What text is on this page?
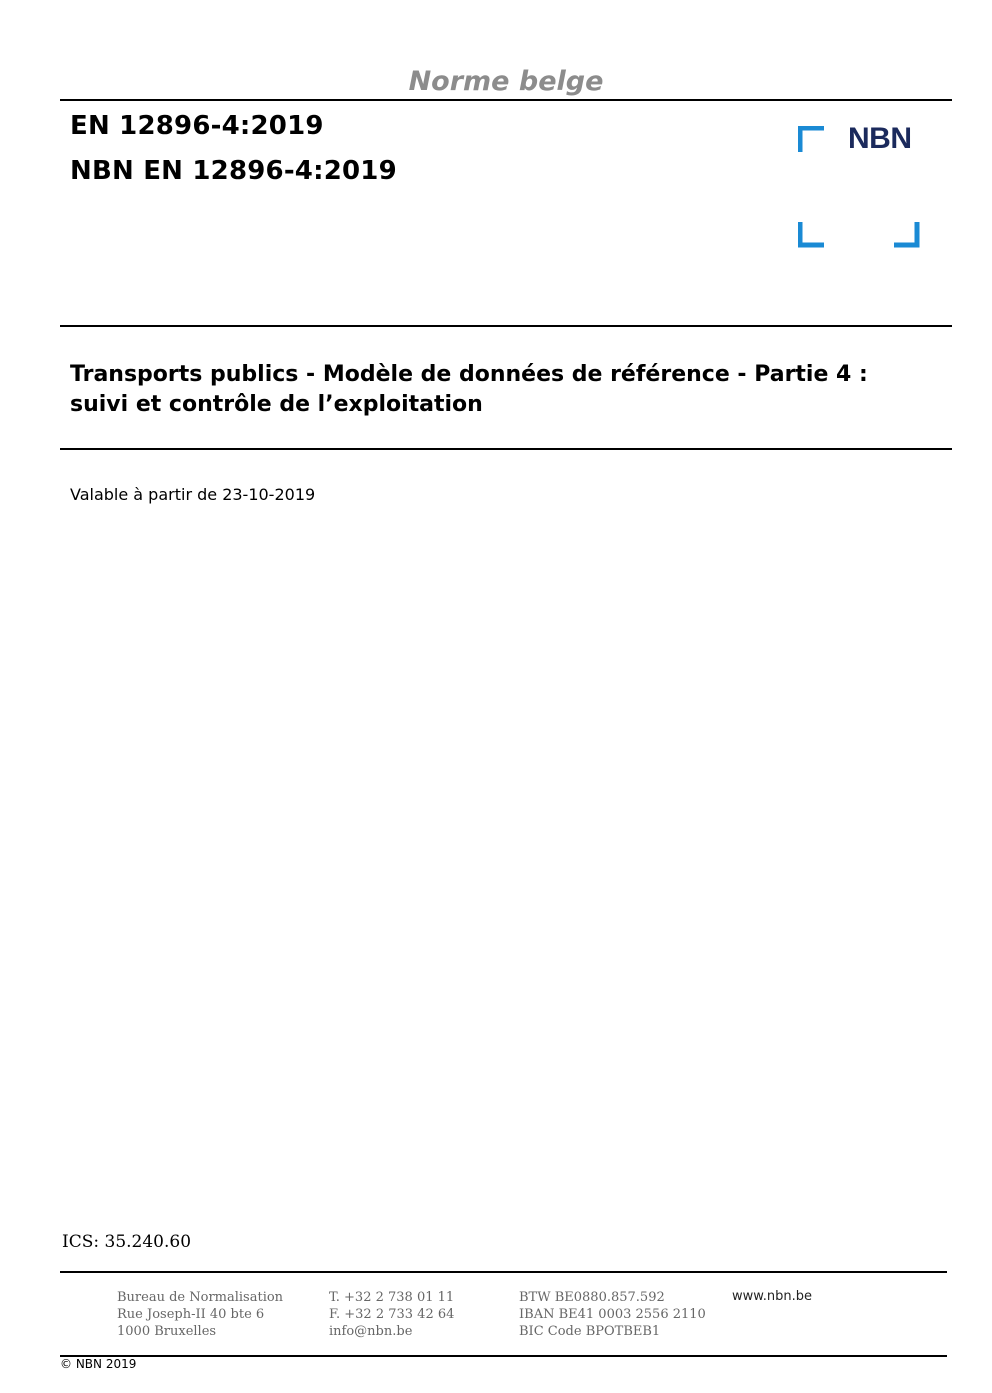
Norme belge
EN 12896-4:2019
NBN EN 12896-4:2019
NBN
Transports publics - Modèle de données de référence - Partie 4 :
suivi et contrôle de l’exploitation
Valable à partir de 23-10-2019
ICS: 35.240.60
Bureau de Normalisation
Rue Joseph-II 40 bte 6
1000 Bruxelles
T. +32 2 738 01 11
F. +32 2 733 42 64
info@nbn.be
BTW BE0880.857.592
IBAN BE41 0003 2556 2110
BIC Code BPOTBEB1
www.nbn.be
© NBN 2019
